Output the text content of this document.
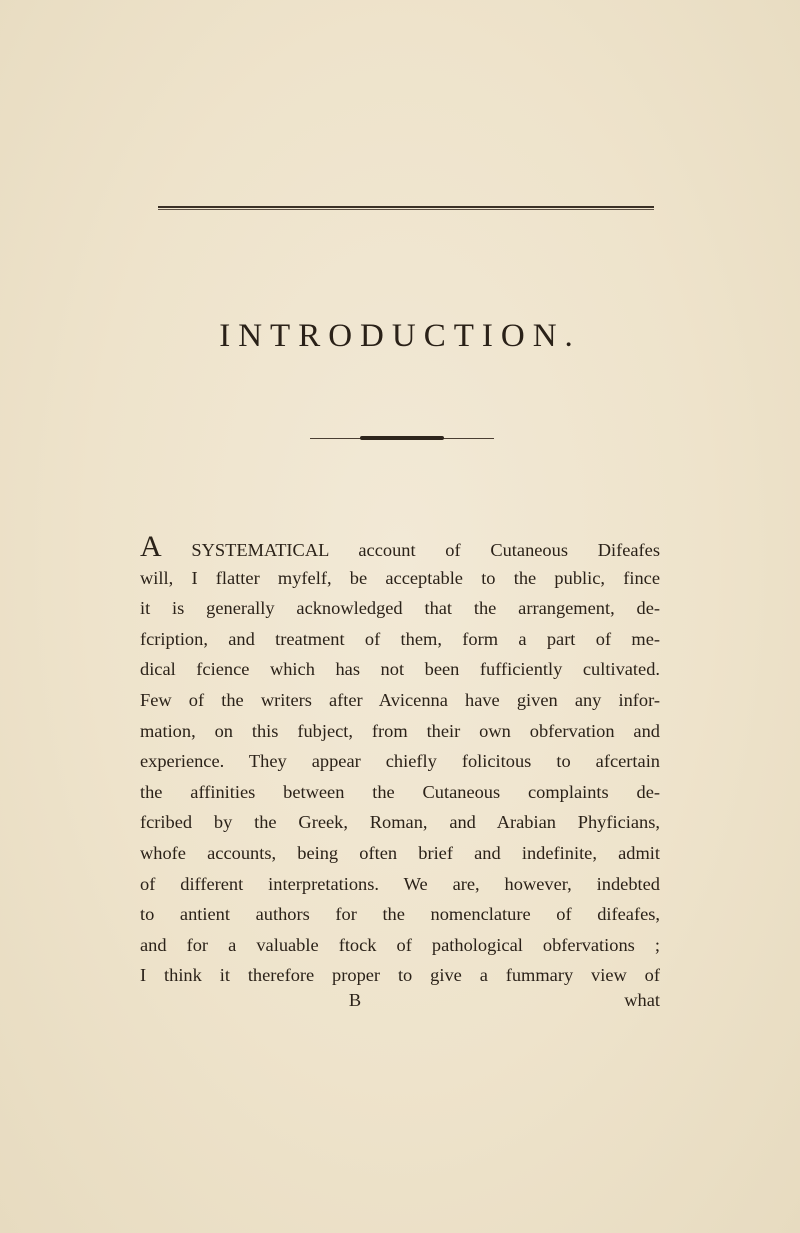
INTRODUCTION.
A SYSTEMATICAL account of Cutaneous Difeafes
will, I flatter myfelf, be acceptable to the public, fince
it is generally acknowledged that the arrangement, de-
fcription, and treatment of them, form a part of me-
dical fcience which has not been fufficiently cultivated.
Few of the writers after Avicenna have given any infor-
mation, on this fubject, from their own obfervation and
experience. They appear chiefly folicitous to afcertain
the affinities between the Cutaneous complaints de-
fcribed by the Greek, Roman, and Arabian Phyficians,
whofe accounts, being often brief and indefinite, admit
of different interpretations. We are, however, indebted
to antient authors for the nomenclature of difeafes,
and for a valuable ftock of pathological obfervations ;
I think it therefore proper to give a fummary view of
B	what
